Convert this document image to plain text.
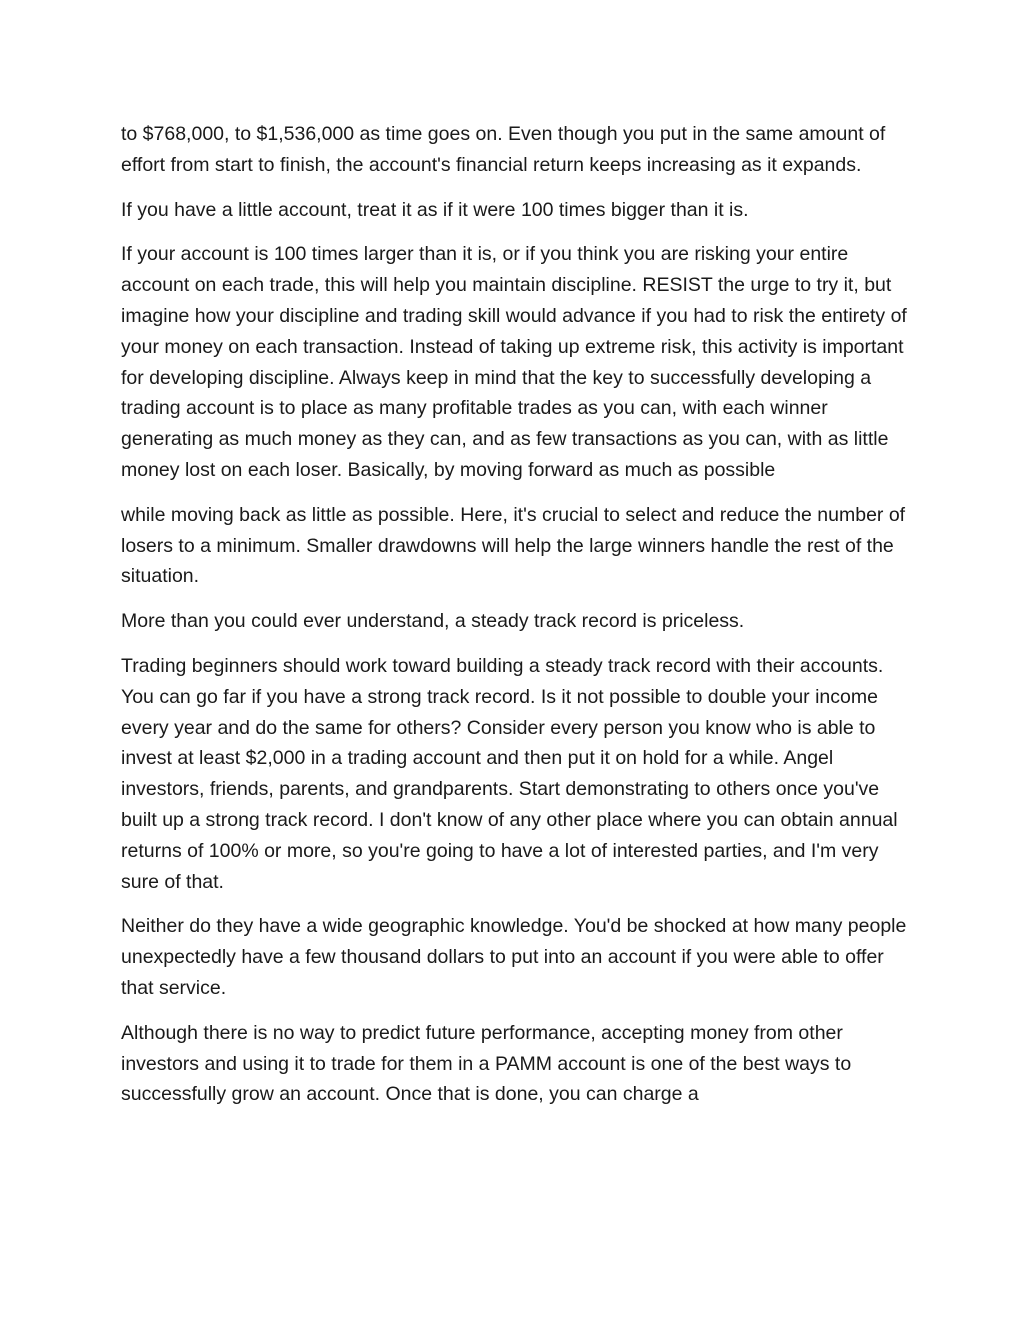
to $768,000, to $1,536,000 as time goes on. Even though you put in the same amount of effort from start to finish, the account's financial return keeps increasing as it expands.

If you have a little account, treat it as if it were 100 times bigger than it is.

If your account is 100 times larger than it is, or if you think you are risking your entire account on each trade, this will help you maintain discipline. RESIST the urge to try it, but imagine how your discipline and trading skill would advance if you had to risk the entirety of your money on each transaction. Instead of taking up extreme risk, this activity is important for developing discipline. Always keep in mind that the key to successfully developing a trading account is to place as many profitable trades as you can, with each winner generating as much money as they can, and as few transactions as you can, with as little money lost on each loser. Basically, by moving forward as much as possible

while moving back as little as possible. Here, it's crucial to select and reduce the number of losers to a minimum. Smaller drawdowns will help the large winners handle the rest of the situation.

More than you could ever understand, a steady track record is priceless.

Trading beginners should work toward building a steady track record with their accounts. You can go far if you have a strong track record. Is it not possible to double your income every year and do the same for others? Consider every person you know who is able to invest at least $2,000 in a trading account and then put it on hold for a while. Angel investors, friends, parents, and grandparents. Start demonstrating to others once you've built up a strong track record. I don't know of any other place where you can obtain annual returns of 100% or more, so you're going to have a lot of interested parties, and I'm very sure of that.

Neither do they have a wide geographic knowledge. You'd be shocked at how many people unexpectedly have a few thousand dollars to put into an account if you were able to offer that service.

Although there is no way to predict future performance, accepting money from other investors and using it to trade for them in a PAMM account is one of the best ways to successfully grow an account. Once that is done, you can charge a
